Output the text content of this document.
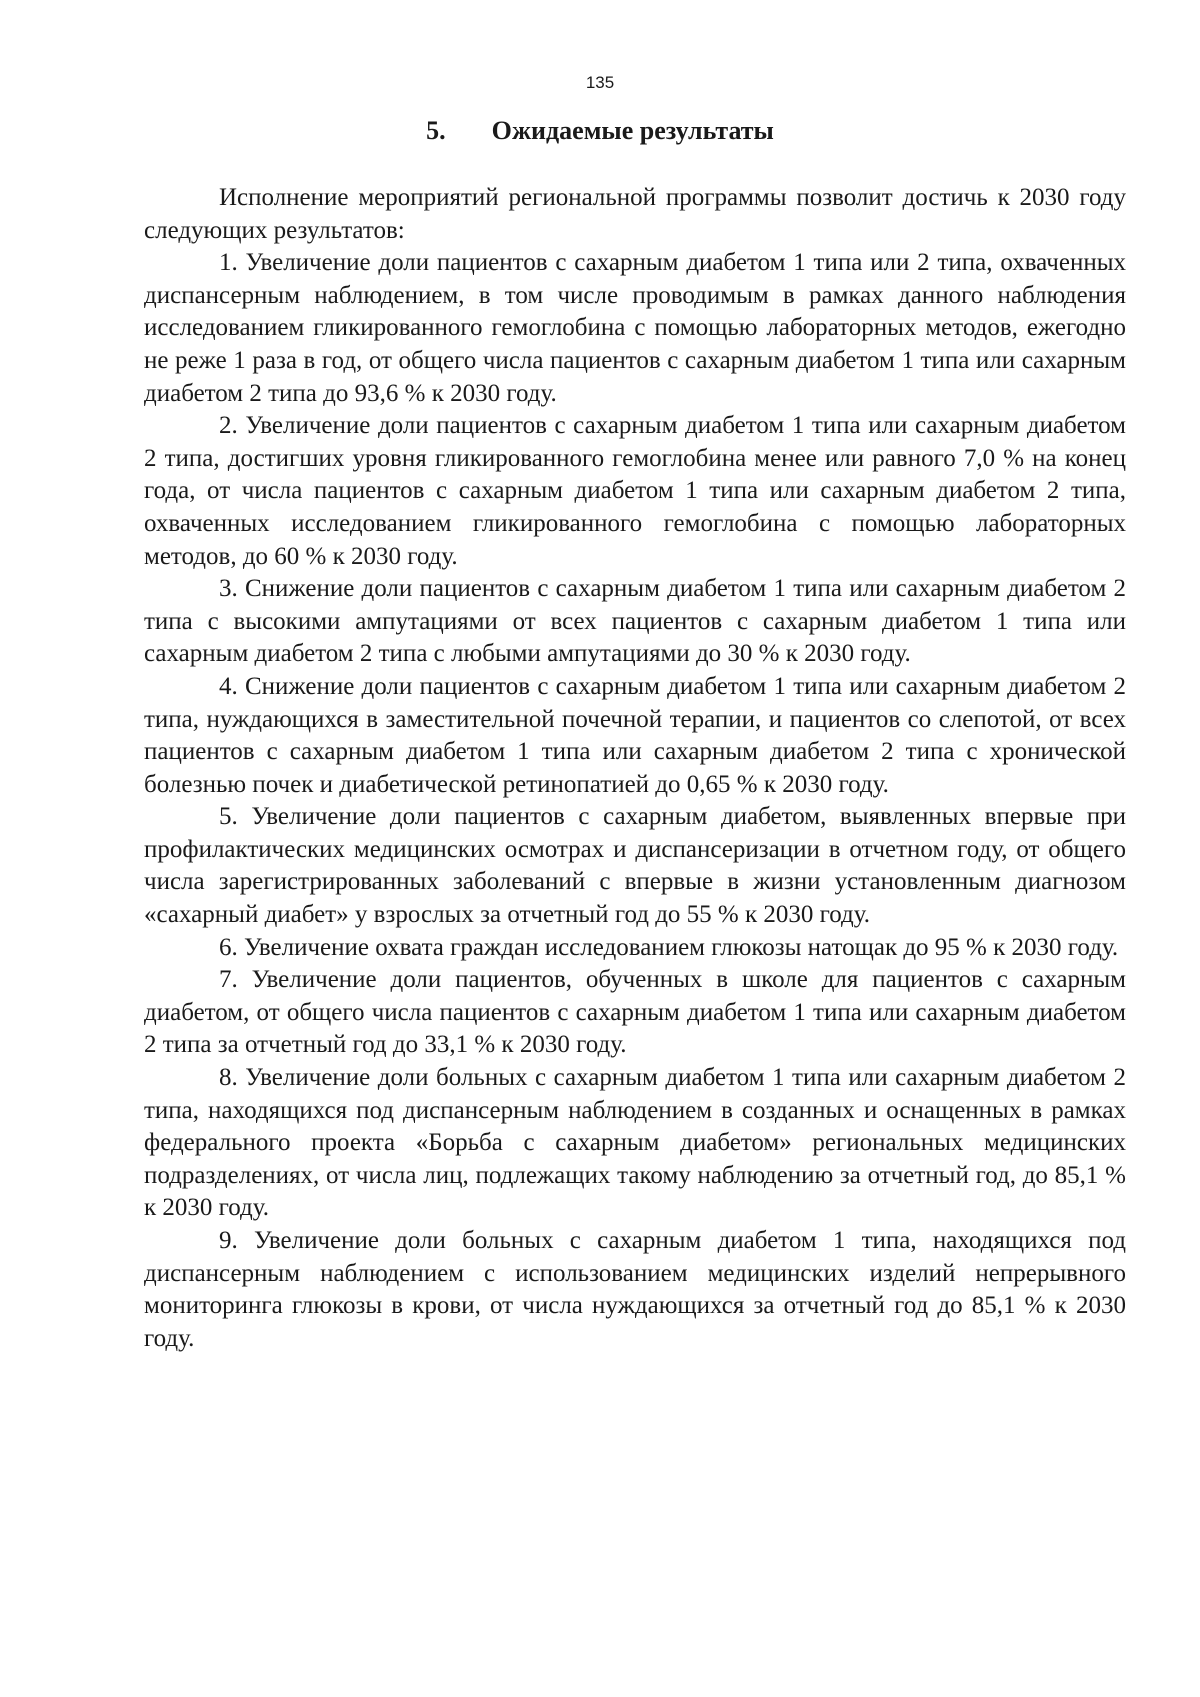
135
5. Ожидаемые результаты

Исполнение мероприятий региональной программы позволит достичь к 2030 году следующих результатов:

1. Увеличение доли пациентов с сахарным диабетом 1 типа или 2 типа, охваченных диспансерным наблюдением, в том числе проводимым в рамках данного наблюдения исследованием гликированного гемоглобина с помощью лабораторных методов, ежегодно не реже 1 раза в год, от общего числа пациентов с сахарным диабетом 1 типа или сахарным диабетом 2 типа до 93,6 % к 2030 году.

2. Увеличение доли пациентов с сахарным диабетом 1 типа или сахарным диабетом 2 типа, достигших уровня гликированного гемоглобина менее или равного 7,0 % на конец года, от числа пациентов с сахарным диабетом 1 типа или сахарным диабетом 2 типа, охваченных исследованием гликированного гемоглобина с помощью лабораторных методов, до 60 % к 2030 году.

3. Снижение доли пациентов с сахарным диабетом 1 типа или сахарным диабетом 2 типа с высокими ампутациями от всех пациентов с сахарным диабетом 1 типа или сахарным диабетом 2 типа с любыми ампутациями до 30 % к 2030 году.

4. Снижение доли пациентов с сахарным диабетом 1 типа или сахарным диабетом 2 типа, нуждающихся в заместительной почечной терапии, и пациентов со слепотой, от всех пациентов с сахарным диабетом 1 типа или сахарным диабетом 2 типа с хронической болезнью почек и диабетической ретинопатией до 0,65 % к 2030 году.

5. Увеличение доли пациентов с сахарным диабетом, выявленных впервые при профилактических медицинских осмотрах и диспансеризации в отчетном году, от общего числа зарегистрированных заболеваний с впервые в жизни установленным диагнозом «сахарный диабет» у взрослых за отчетный год до 55 % к 2030 году.

6. Увеличение охвата граждан исследованием глюкозы натощак до 95 % к 2030 году.

7. Увеличение доли пациентов, обученных в школе для пациентов с сахарным диабетом, от общего числа пациентов с сахарным диабетом 1 типа или сахарным диабетом 2 типа за отчетный год до 33,1 % к 2030 году.

8. Увеличение доли больных с сахарным диабетом 1 типа или сахарным диабетом 2 типа, находящихся под диспансерным наблюдением в созданных и оснащенных в рамках федерального проекта «Борьба с сахарным диабетом» региональных медицинских подразделениях, от числа лиц, подлежащих такому наблюдению за отчетный год, до 85,1 % к 2030 году.

9. Увеличение доли больных с сахарным диабетом 1 типа, находящихся под диспансерным наблюдением с использованием медицинских изделий непрерывного мониторинга глюкозы в крови, от числа нуждающихся за отчетный год до 85,1 % к 2030 году.
